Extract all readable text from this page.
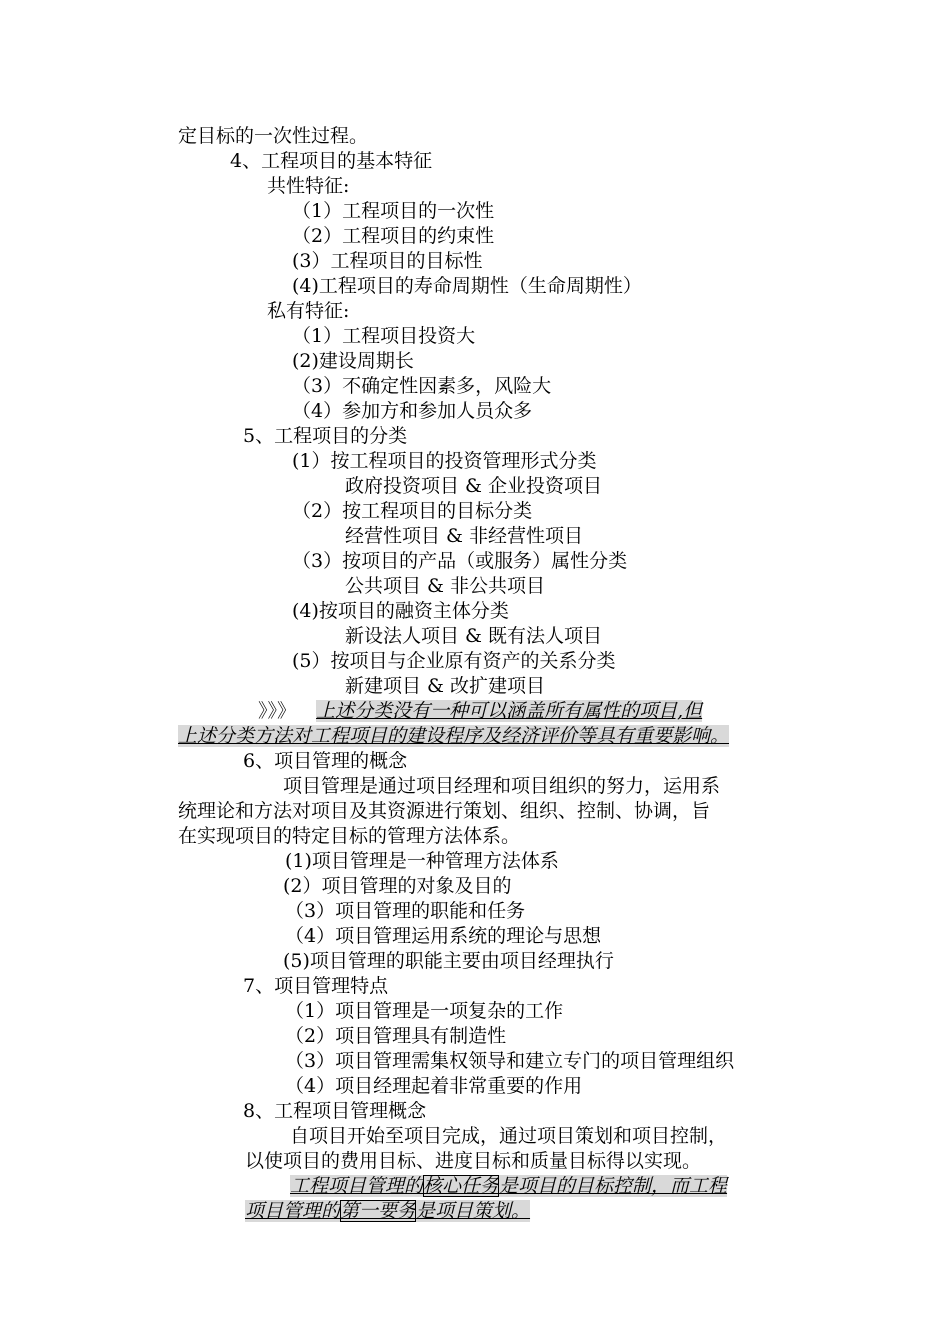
定目标的一次性过程。
4、工程项目的基本特征
共性特征:
（1）工程项目的一次性
（2）工程项目的约束性
(3）工程项目的目标性
(4)工程项目的寿命周期性（生命周期性）
私有特征:
（1）工程项目投资大
(2)建设周期长
（3）不确定性因素多，风险大
（4）参加方和参加人员众多
5、工程项目的分类
(1）按工程项目的投资管理形式分类
政府投资项目 & 企业投资项目
（2）按工程项目的目标分类
经营性项目 & 非经营性项目
（3）按项目的产品（或服务）属性分类
公共项目 & 非公共项目
(4)按项目的融资主体分类
新设法人项目 & 既有法人项目
(5）按项目与企业原有资产的关系分类
新建项目 & 改扩建项目
》》》 上述分类没有一种可以涵盖所有属性的项目,但
上述分类方法对工程项目的建设程序及经济评价等具有重要影响。
6、项目管理的概念
项目管理是通过项目经理和项目组织的努力，运用系
统理论和方法对项目及其资源进行策划、组织、控制、协调，旨
在实现项目的特定目标的管理方法体系。
(1)项目管理是一种管理方法体系
(2）项目管理的对象及目的
（3）项目管理的职能和任务
（4）项目管理运用系统的理论与思想
(5)项目管理的职能主要由项目经理执行
7、项目管理特点
（1）项目管理是一项复杂的工作
（2）项目管理具有制造性
（3）项目管理需集权领导和建立专门的项目管理组织
（4）项目经理起着非常重要的作用
8、工程项目管理概念
自项目开始至项目完成，通过项目策划和项目控制，
以使项目的费用目标、进度目标和质量目标得以实现。
工程项目管理的核心任务是项目的目标控制，而工程
项目管理的第一要务是项目策划。
